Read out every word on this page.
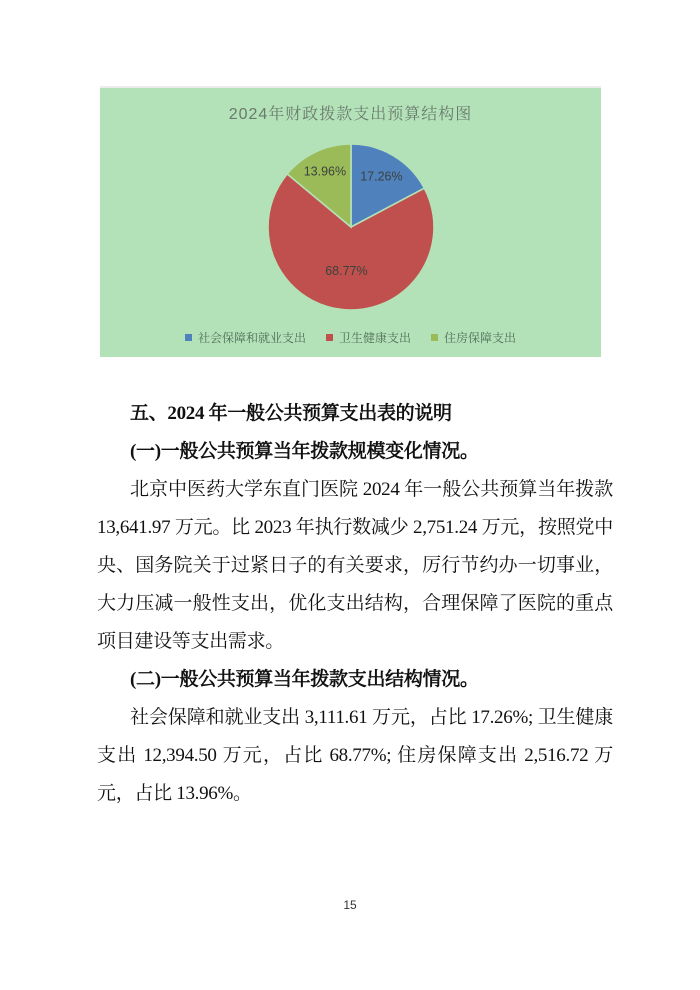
2024年财政拨款支出预算结构图
17.26%
68.77%
13.96%
社会保障和就业支出	卫生健康支出	住房保障支出

五、2024 年一般公共预算支出表的说明

(一)一般公共预算当年拨款规模变化情况。

北京中医药大学东直门医院 2024 年一般公共预算当年拨款 13,641.97 万元。比 2023 年执行数减少 2,751.24 万元，按照党中央、国务院关于过紧日子的有关要求，厉行节约办一切事业，大力压减一般性支出，优化支出结构，合理保障了医院的重点项目建设等支出需求。

(二)一般公共预算当年拨款支出结构情况。

社会保障和就业支出 3,111.61 万元，占比 17.26%; 卫生健康支出 12,394.50 万元，占比 68.77%; 住房保障支出 2,516.72 万元，占比 13.96%。

15
